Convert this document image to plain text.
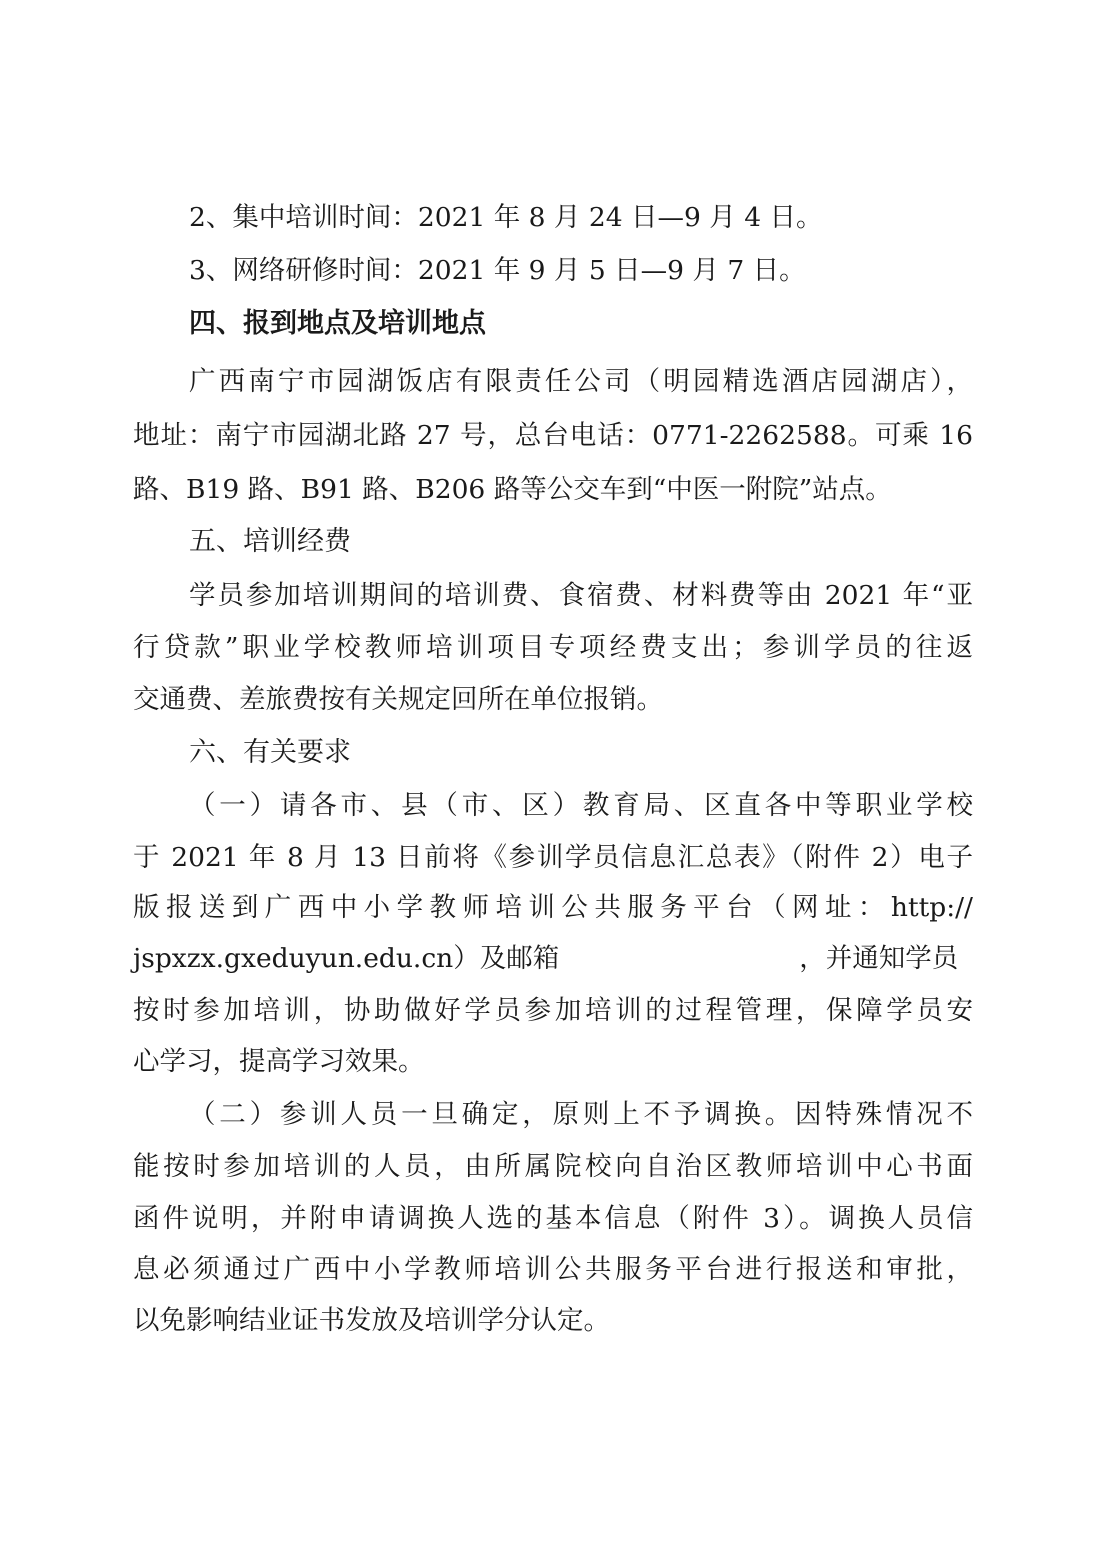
2、集中培训时间：2021 年 8 月 24 日—9 月 4 日。
3、网络研修时间：2021 年 9 月 5 日—9 月 7 日。
四、报到地点及培训地点
广西南宁市园湖饭店有限责任公司（明园精选酒店园湖店），
地址：南宁市园湖北路 27 号，总台电话：0771-2262588。可乘 16
路、B19 路、B91 路、B206 路等公交车到“中医一附院”站点。
五、培训经费
学员参加培训期间的培训费、食宿费、材料费等由 2021 年“亚
行贷款”职业学校教师培训项目专项经费支出；参训学员的往返
交通费、差旅费按有关规定回所在单位报销。
六、有关要求
（一）请各市、县（市、区）教育局、区直各中等职业学校
于 2021 年 8 月 13 日前将《参训学员信息汇总表》（附件 2）电子
版报送到广西中小学教师培训公共服务平台（网址：http://
jspxzx.gxeduyun.edu.cn）及邮箱	，并通知学员
按时参加培训，协助做好学员参加培训的过程管理，保障学员安
心学习，提高学习效果。
（二）参训人员一旦确定，原则上不予调换。因特殊情况不
能按时参加培训的人员，由所属院校向自治区教师培训中心书面
函件说明，并附申请调换人选的基本信息（附件 3）。调换人员信
息必须通过广西中小学教师培训公共服务平台进行报送和审批，
以免影响结业证书发放及培训学分认定。
